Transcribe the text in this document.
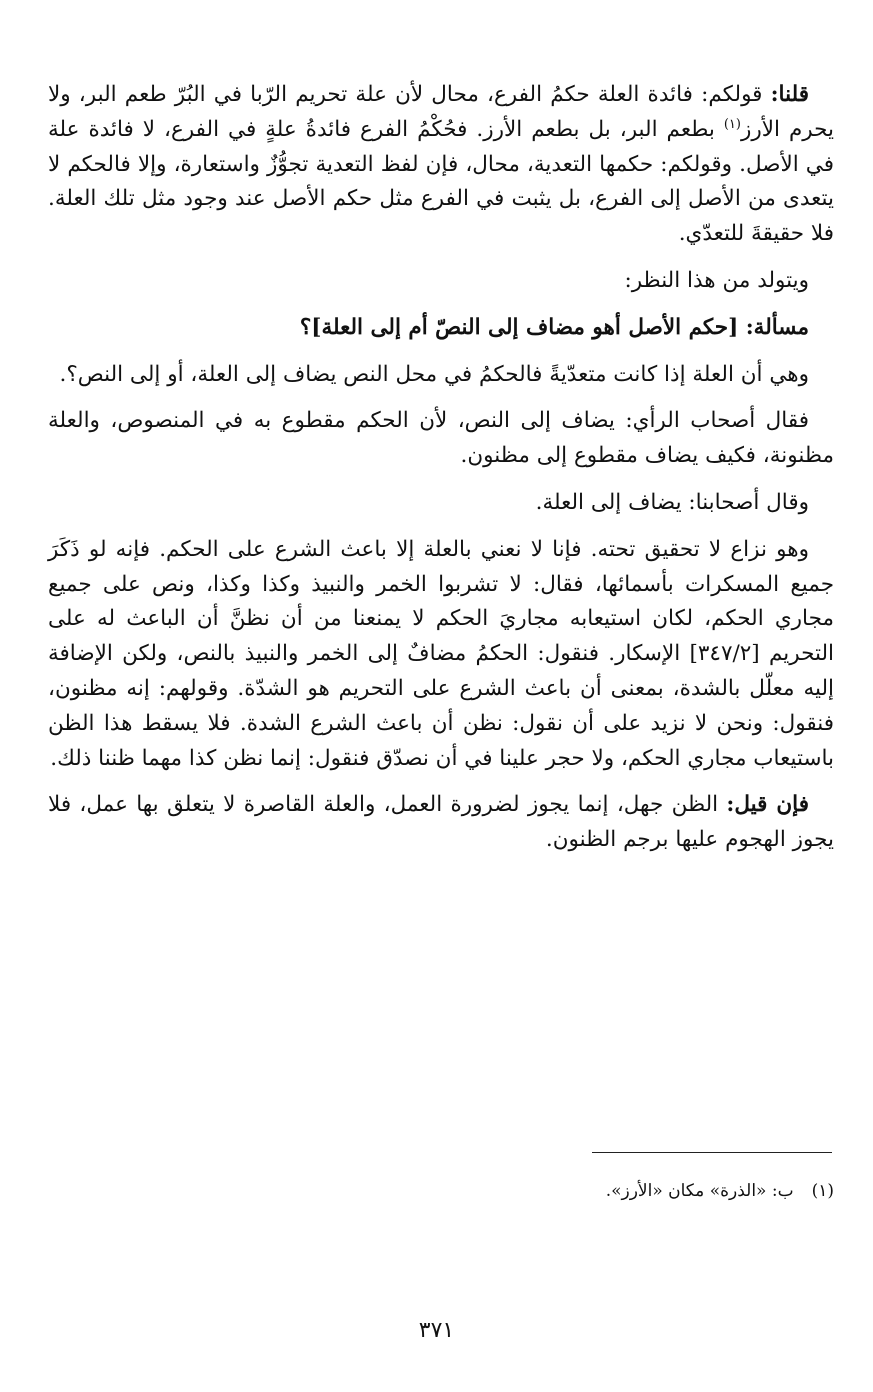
قلنا: قولكم: فائدة العلة حكمُ الفرع، محال لأن علة تحريم الرّبا في البُرّ طعم البر، ولا يحرم الأرز$^{(١)}$ بطعم البر، بل بطعم الأرز. فحُكْمُ الفرع فائدةُ علةٍ في الفرع، لا فائدة علة في الأصل. وقولكم: حكمها التعدية، محال، فإن لفظ التعدية تجوُّزٌ واستعارة، وإلا فالحكم لا يتعدى من الأصل إلى الفرع، بل يثبت في الفرع مثل حكم الأصل عند وجود مثل تلك العلة. فلا حقيقةَ للتعدّي.

ويتولد من هذا النظر:

مسألة: [حكم الأصل أهو مضاف إلى النصّ أم إلى العلة]؟

وهي أن العلة إذا كانت متعدّيةً فالحكمُ في محل النص يضاف إلى العلة، أو إلى النص؟.

فقال أصحاب الرأي: يضاف إلى النص، لأن الحكم مقطوع به في المنصوص، والعلة مظنونة، فكيف يضاف مقطوع إلى مظنون.

وقال أصحابنا: يضاف إلى العلة.

وهو نزاع لا تحقيق تحته. فإنا لا نعني بالعلة إلا باعث الشرع على الحكم. فإنه لو ذَكَرَ جميع المسكرات بأسمائها، فقال: لا تشربوا الخمر والنبيذ وكذا وكذا، ونص على جميع مجاري الحكم، لكان استيعابه مجاريَ الحكم لا يمنعنا من أن نظنَّ أن الباعث له على التحريم [٣٤٧/٢] الإسكار. فنقول: الحكمُ مضافٌ إلى الخمر والنبيذ بالنص، ولكن الإضافة إليه معلّل بالشدة، بمعنى أن باعث الشرع على التحريم هو الشدّة. وقولهم: إنه مظنون، فنقول: ونحن لا نزيد على أن نقول: نظن أن باعث الشرع الشدة. فلا يسقط هذا الظن باستيعاب مجاري الحكم، ولا حجر علينا في أن نصدّق فنقول: إنما نظن كذا مهما ظننا ذلك.

فإن قيل: الظن جهل، إنما يجوز لضرورة العمل، والعلة القاصرة لا يتعلق بها عمل، فلا يجوز الهجوم عليها برجم الظنون.

(١)ب: «الذرة» مكان «الأرز».
٣٧١
